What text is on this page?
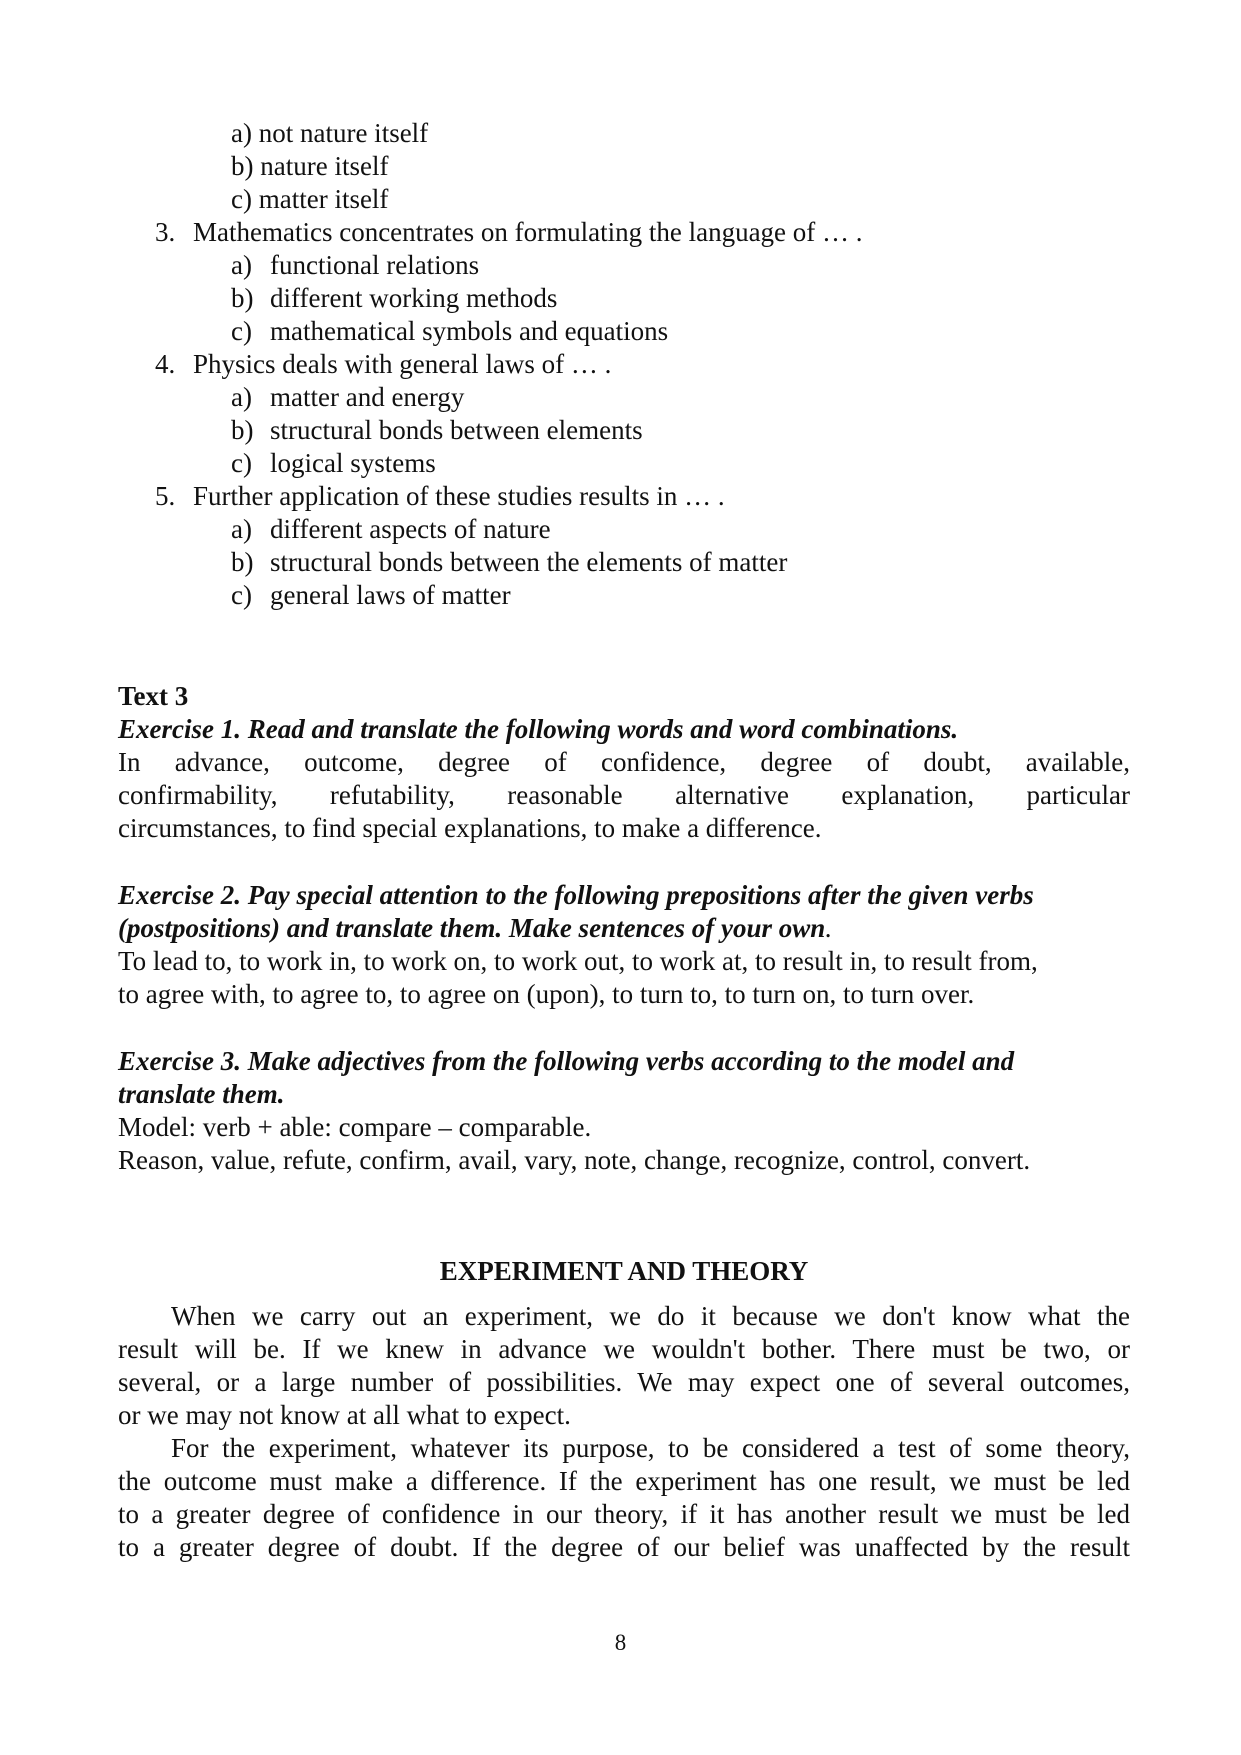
a) not nature itself
b) nature itself
c) matter itself
3. Mathematics concentrates on formulating the language of … .
a) functional relations
b) different working methods
c) mathematical symbols and equations
4. Physics deals with general laws of … .
a) matter and energy
b) structural bonds between elements
c) logical systems
5. Further application of these studies results in … .
a) different aspects of nature
b) structural bonds between the elements of matter
c) general laws of matter
Text 3
Exercise 1. Read and translate the following words and word combinations.
In advance, outcome, degree of confidence, degree of doubt, available,
confirmability, refutability, reasonable alternative explanation, particular
circumstances, to find special explanations, to make a difference.
Exercise 2. Pay special attention to the following prepositions after the given verbs
(postpositions) and translate them. Make sentences of your own.
To lead to, to work in, to work on, to work out, to work at, to result in, to result from,
to agree with, to agree to, to agree on (upon), to turn to, to turn on, to turn over.
Exercise 3. Make adjectives from the following verbs according to the model and
translate them.
Model: verb + able: compare – comparable.
Reason, value, refute, confirm, avail, vary, note, change, recognize, control, convert.
EXPERIMENT AND THEORY
When we carry out an experiment, we do it because we don't know what the
result will be. If we knew in advance we wouldn't bother. There must be two, or
several, or a large number of possibilities. We may expect one of several outcomes,
or we may not know at all what to expect.
For the experiment, whatever its purpose, to be considered a test of some theory,
the outcome must make a difference. If the experiment has one result, we must be led
to a greater degree of confidence in our theory, if it has another result we must be led
to a greater degree of doubt. If the degree of our belief was unaffected by the result
8
